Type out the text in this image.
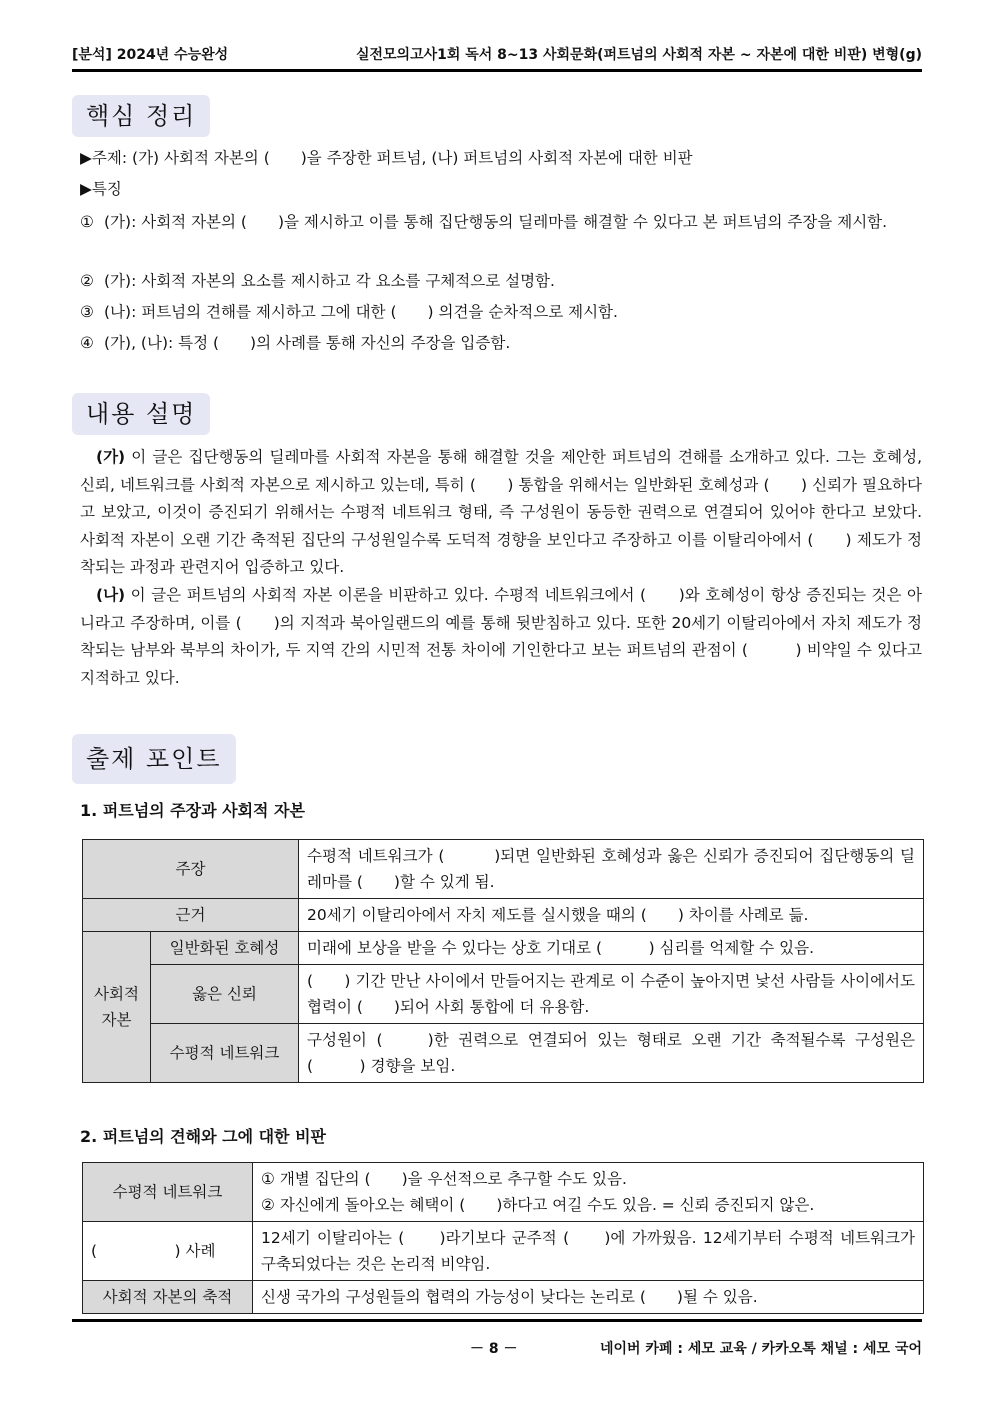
[분석] 2024년 수능완성	실전모의고사1회 독서 8~13 사회문화(퍼트넘의 사회적 자본 ~ 자본에 대한 비판) 변형(g)
핵심 정리
▶주제: (가) 사회적 자본의 (　　)을 주장한 퍼트넘, (나) 퍼트넘의 사회적 자본에 대한 비판
▶특징
① (가): 사회적 자본의 (　　)을 제시하고 이를 통해 집단행동의 딜레마를 해결할 수 있다고 본 퍼트넘의 주장을 제시함.
② (가): 사회적 자본의 요소를 제시하고 각 요소를 구체적으로 설명함.
③ (나): 퍼트넘의 견해를 제시하고 그에 대한 (　　) 의견을 순차적으로 제시함.
④ (가), (나): 특정 (　　)의 사례를 통해 자신의 주장을 입증함.
내용 설명
(가) 이 글은 집단행동의 딜레마를 사회적 자본을 통해 해결할 것을 제안한 퍼트넘의 견해를 소개하고 있다. 그는 호혜성, 신뢰, 네트워크를 사회적 자본으로 제시하고 있는데, 특히 (　　) 통합을 위해서는 일반화된 호혜성과 (　　) 신뢰가 필요하다고 보았고, 이것이 증진되기 위해서는 수평적 네트워크 형태, 즉 구성원이 동등한 권력으로 연결되어 있어야 한다고 보았다. 사회적 자본이 오랜 기간 축적된 집단의 구성원일수록 도덕적 경향을 보인다고 주장하고 이를 이탈리아에서 (　　) 제도가 정착되는 과정과 관련지어 입증하고 있다.
(나) 이 글은 퍼트넘의 사회적 자본 이론을 비판하고 있다. 수평적 네트워크에서 (　　)와 호혜성이 항상 증진되는 것은 아니라고 주장하며, 이를 (　　)의 지적과 북아일랜드의 예를 통해 뒷받침하고 있다. 또한 20세기 이탈리아에서 자치 제도가 정착되는 남부와 북부의 차이가, 두 지역 간의 시민적 전통 차이에 기인한다고 보는 퍼트넘의 관점이 (　　　) 비약일 수 있다고 지적하고 있다.
출제 포인트
1. 퍼트넘의 주장과 사회적 자본
주장		수평적 네트워크가 (　　　)되면 일반화된 호혜성과 옳은 신뢰가 증진되어 집단행동의 딜레마를 (　　)할 수 있게 됨.
근거		20세기 이탈리아에서 자치 제도를 실시했을 때의 (　　) 차이를 사례로 듦.
사회적 자본	일반화된 호혜성	미래에 보상을 받을 수 있다는 상호 기대로 (　　　) 심리를 억제할 수 있음.
	옳은 신뢰	(　　) 기간 만난 사이에서 만들어지는 관계로 이 수준이 높아지면 낯선 사람들 사이에서도 협력이 (　　)되어 사회 통합에 더 유용함.
	수평적 네트워크	구성원이 (　　)한 권력으로 연결되어 있는 형태로 오랜 기간 축적될수록 구성원은 (　　　) 경향을 보임.
2. 퍼트넘의 견해와 그에 대한 비판
수평적 네트워크	① 개별 집단의 (　　)을 우선적으로 추구할 수도 있음.
② 자신에게 돌아오는 혜택이 (　　)하다고 여길 수도 있음. = 신뢰 증진되지 않은.

(　　　　　) 사례	12세기 이탈리아는 (　　)라기보다 군주적 (　　)에 가까웠음. 12세기부터 수평적 네트워크가 구축되었다는 것은 논리적 비약임.

사회적 자본의 축적	신생 국가의 구성원들의 협력의 가능성이 낮다는 논리로 (　　)될 수 있음.
－ 8 －	네이버 카페 : 세모 교육 / 카카오톡 채널 : 세모 국어
